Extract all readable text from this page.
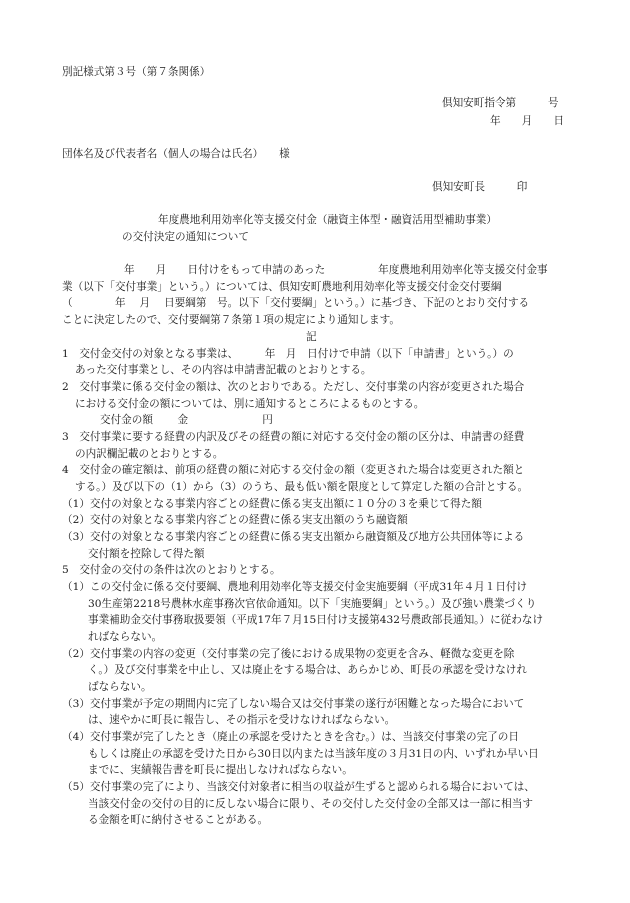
別記様式第３号（第７条関係）
倶知安町指令第　　　号
年　　月　　日
団体名及び代表者名（個人の場合は氏名）　　様
倶知安町長　　　印
年度農地利用効率化等支援交付金（融資主体型・融資活用型補助事業）
の交付決定の通知について
年　　月　　日付けをもって申請のあった　　　　　年度農地利用効率化等支援交付金事
業（以下「交付事業」という。）については、倶知安町農地利用効率化等支援交付金交付要綱
（　　　　年　 月　 日要綱第　号。以下「交付要綱」という。）に基づき、下記のとおり交付する
ことに決定したので、交付要綱第７条第１項の規定により通知します。
記
1　交付金交付の対象となる事業は、　　　年　月　日付けで申請（以下「申請書」という。）の
あった交付事業とし、その内容は申請書記載のとおりとする。
2　交付事業に係る交付金の額は、次のとおりである。ただし、交付事業の内容が変更された場合
における交付金の額については、別に通知するところによるものとする。
交付金の額　　 金　　　　　　　円
3　交付事業に要する経費の内訳及びその経費の額に対応する交付金の額の区分は、申請書の経費
の内訳欄記載のとおりとする。
4　交付金の確定額は、前項の経費の額に対応する交付金の額（変更された場合は変更された額と
する。）及び以下の（1）から（3）のうち、最も低い額を限度として算定した額の合計とする。
（1）交付の対象となる事業内容ごとの経費に係る実支出額に１０分の３を乗じて得た額
（2）交付の対象となる事業内容ごとの経費に係る実支出額のうち融資額
（3）交付の対象となる事業内容ごとの経費に係る実支出額から融資額及び地方公共団体等による
交付額を控除して得た額
5　交付金の交付の条件は次のとおりとする。
（1）この交付金に係る交付要綱、農地利用効率化等支援交付金実施要綱（平成31年４月１日付け
30生産第2218号農林水産事務次官依命通知。以下「実施要綱」という。）及び強い農業づくり
事業補助金交付事務取扱要領（平成17年７月15日付け支援第432号農政部長通知。）に従わなけ
ればならない。
（2）交付事業の内容の変更（交付事業の完了後における成果物の変更を含み、軽微な変更を除
く。）及び交付事業を中止し、又は廃止をする場合は、あらかじめ、町長の承認を受けなけれ
ばならない。
（3）交付事業が予定の期間内に完了しない場合又は交付事業の遂行が困難となった場合において
は、速やかに町長に報告し、その指示を受けなければならない。
（4）交付事業が完了したとき（廃止の承認を受けたときを含む。）は、当該交付事業の完了の日
もしくは廃止の承認を受けた日から30日以内または当該年度の３月31日の内、いずれか早い日
までに、実績報告書を町長に提出しなければならない。
（5）交付事業の完了により、当該交付対象者に相当の収益が生ずると認められる場合においては、
当該交付金の交付の目的に反しない場合に限り、その交付した交付金の全部又は一部に相当す
る金額を町に納付させることがある。
